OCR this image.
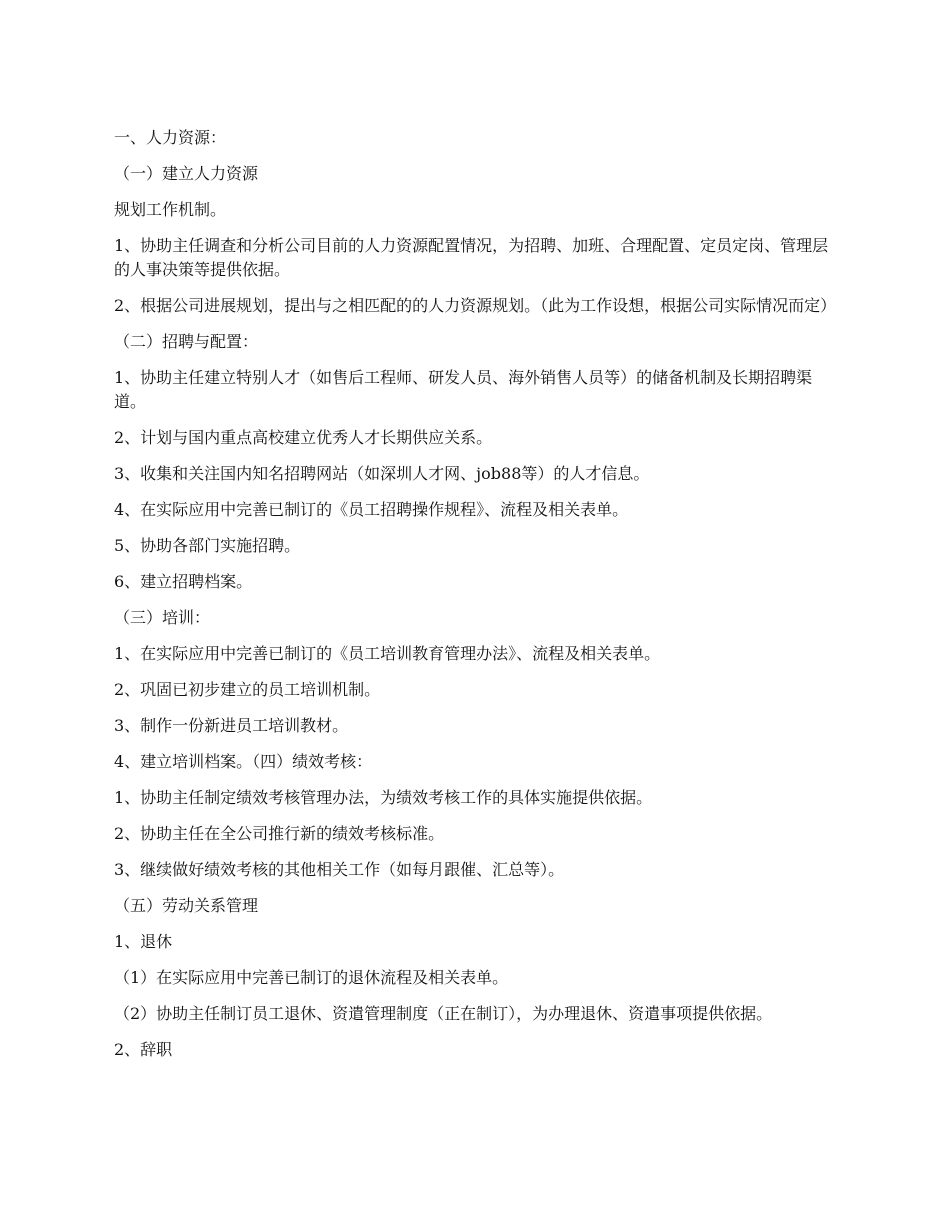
一、人力资源：

（一）建立人力资源

规划工作机制。

1、协助主任调查和分析公司目前的人力资源配置情况，为招聘、加班、合理配置、定员定岗、管理层的人事决策等提供依据。

2、根据公司进展规划，提出与之相匹配的的人力资源规划。（此为工作设想，根据公司实际情况而定）

（二）招聘与配置：

1、协助主任建立特别人才（如售后工程师、研发人员、海外销售人员等）的储备机制及长期招聘渠道。

2、计划与国内重点高校建立优秀人才长期供应关系。

3、收集和关注国内知名招聘网站（如深圳人才网、job88等）的人才信息。

4、在实际应用中完善已制订的《员工招聘操作规程》、流程及相关表单。

5、协助各部门实施招聘。

6、建立招聘档案。

（三）培训：

1、在实际应用中完善已制订的《员工培训教育管理办法》、流程及相关表单。

2、巩固已初步建立的员工培训机制。

3、制作一份新进员工培训教材。

4、建立培训档案。（四）绩效考核：

1、协助主任制定绩效考核管理办法，为绩效考核工作的具体实施提供依据。

2、协助主任在全公司推行新的绩效考核标准。

3、继续做好绩效考核的其他相关工作（如每月跟催、汇总等）。

（五）劳动关系管理

1、退休

（1）在实际应用中完善已制订的退休流程及相关表单。

（2）协助主任制订员工退休、资遣管理制度（正在制订），为办理退休、资遣事项提供依据。

2、辞职
